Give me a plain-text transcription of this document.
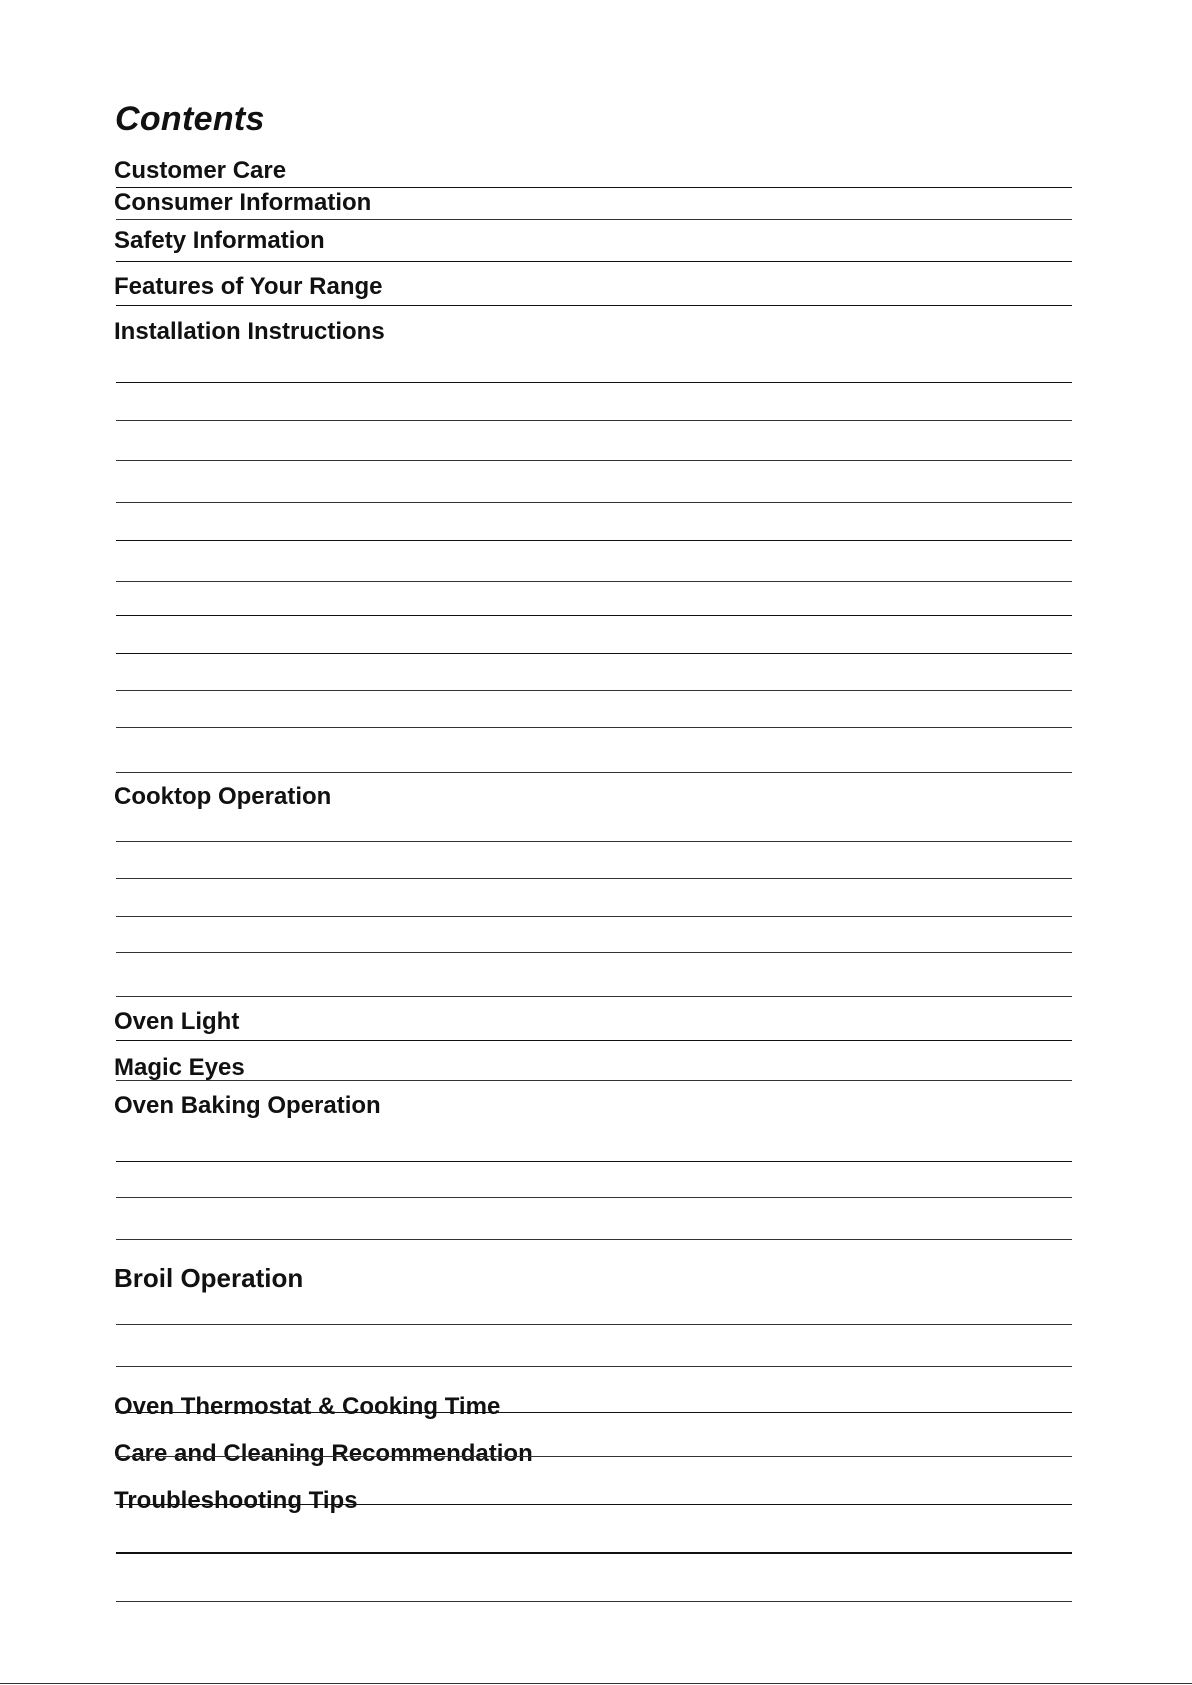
Contents
Customer Care
Consumer Information
Safety Information
Features of Your Range
Installation Instructions
Cooktop Operation
Oven Light
Magic Eyes
Oven Baking Operation
Broil Operation
Oven Thermostat & Cooking Time
Care and Cleaning Recommendation
Troubleshooting Tips
